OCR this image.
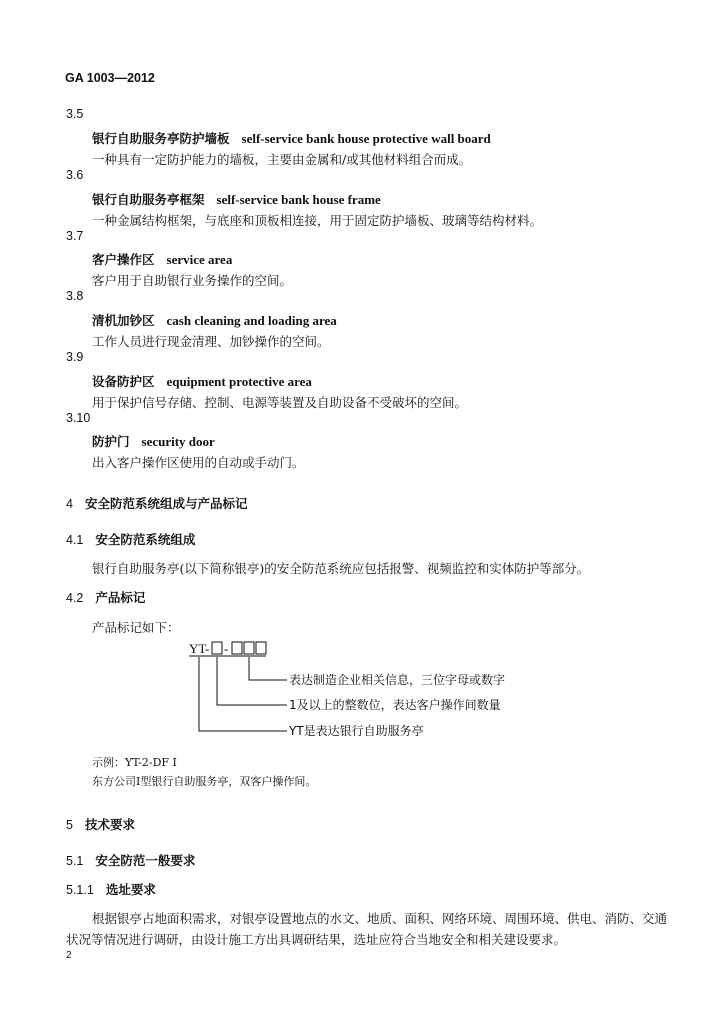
GA 1003—2012
3.5
银行自助服务亭防护墙板 self-service bank house protective wall board
一种具有一定防护能力的墙板，主要由金属和/或其他材料组合而成。
3.6
银行自助服务亭框架 self-service bank house frame
一种金属结构框架，与底座和顶板相连接，用于固定防护墙板、玻璃等结构材料。
3.7
客户操作区 service area
客户用于自助银行业务操作的空间。
3.8
清机加钞区 cash cleaning and loading area
工作人员进行现金清理、加钞操作的空间。
3.9
设备防护区 equipment protective area
用于保护信号存储、控制、电源等装置及自助设备不受破坏的空间。
3.10
防护门 security door
出入客户操作区使用的自动或手动门。
4 安全防范系统组成与产品标记
4.1 安全防范系统组成
银行自助服务亭(以下简称银亭)的安全防范系统应包括报警、视频监控和实体防护等部分。
4.2 产品标记
产品标记如下：
YT- -
表达制造企业相关信息，三位字母或数字
1及以上的整数位，表达客户操作间数量
YT是表达银行自助服务亭
示例：YT-2-DF Ⅰ
东方公司Ⅰ型银行自助服务亭，双客户操作间。
5 技术要求
5.1 安全防范一般要求
5.1.1 选址要求
根据银亭占地面积需求，对银亭设置地点的水文、地质、面积、网络环境、周围环境、供电、消防、交通
状况等情况进行调研，由设计施工方出具调研结果，选址应符合当地安全和相关建设要求。
2
